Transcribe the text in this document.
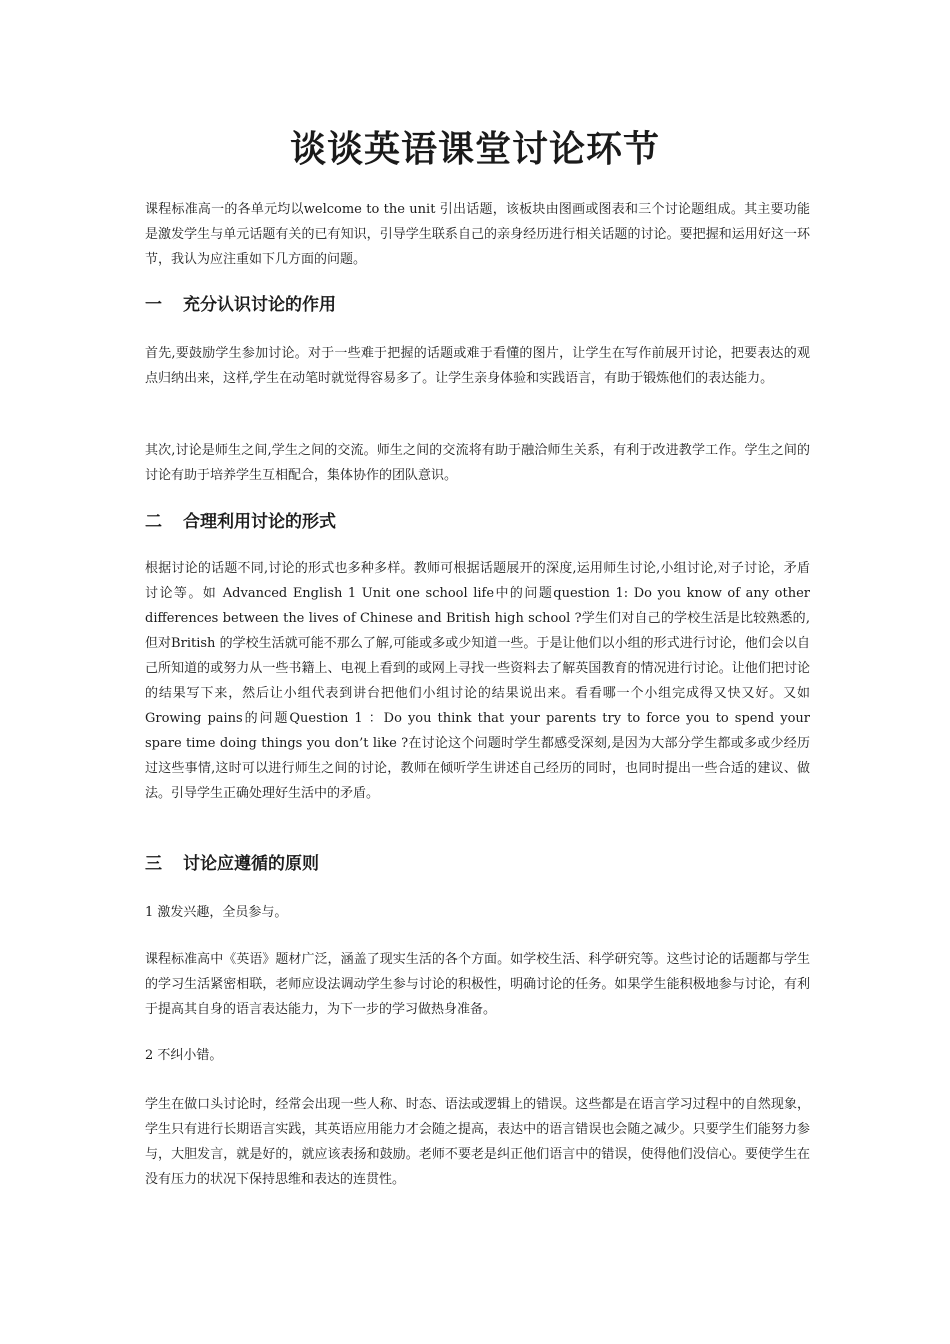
谈谈英语课堂讨论环节

课程标准高一的各单元均以welcome to the unit 引出话题，该板块由图画或图表和三个讨论题组成。其主要功能是激发学生与单元话题有关的已有知识，引导学生联系自己的亲身经历进行相关话题的讨论。要把握和运用好这一环节，我认为应注重如下几方面的问题。

一 充分认识讨论的作用

首先,要鼓励学生参加讨论。对于一些难于把握的话题或难于看懂的图片，让学生在写作前展开讨论，把要表达的观点归纳出来，这样,学生在动笔时就觉得容易多了。让学生亲身体验和实践语言，有助于锻炼他们的表达能力。

其次,讨论是师生之间,学生之间的交流。师生之间的交流将有助于融洽师生关系，有利于改进教学工作。学生之间的讨论有助于培养学生互相配合，集体协作的团队意识。

二 合理利用讨论的形式

根据讨论的话题不同,讨论的形式也多种多样。教师可根据话题展开的深度,运用师生讨论,小组讨论,对子讨论，矛盾讨论等。如 Advanced English 1 Unit one school life中的问题question 1: Do you know of any other differences between the lives of Chinese and British high school ?学生们对自己的学校生活是比较熟悉的,但对British 的学校生活就可能不那么了解,可能或多或少知道一些。于是让他们以小组的形式进行讨论，他们会以自己所知道的或努力从一些书籍上、电视上看到的或网上寻找一些资料去了解英国教育的情况进行讨论。让他们把讨论的结果写下来，然后让小组代表到讲台把他们小组讨论的结果说出来。看看哪一个小组完成得又快又好。又如Growing pains的问题Question 1 ：Do you think that your parents try to force you to spend your spare time doing things you don’t like ?在讨论这个问题时学生都感受深刻,是因为大部分学生都或多或少经历过这些事情,这时可以进行师生之间的讨论，教师在倾听学生讲述自己经历的同时，也同时提出一些合适的建议、做法。引导学生正确处理好生活中的矛盾。

三 讨论应遵循的原则

1 激发兴趣，全员参与。

课程标准高中《英语》题材广泛，涵盖了现实生活的各个方面。如学校生活、科学研究等。这些讨论的话题都与学生的学习生活紧密相联，老师应设法调动学生参与讨论的积极性，明确讨论的任务。如果学生能积极地参与讨论，有利于提高其自身的语言表达能力，为下一步的学习做热身准备。

2 不纠小错。

学生在做口头讨论时，经常会出现一些人称、时态、语法或逻辑上的错误。这些都是在语言学习过程中的自然现象，学生只有进行长期语言实践，其英语应用能力才会随之提高，表达中的语言错误也会随之减少。只要学生们能努力参与，大胆发言，就是好的，就应该表扬和鼓励。老师不要老是纠正他们语言中的错误，使得他们没信心。要使学生在没有压力的状况下保持思维和表达的连贯性。
